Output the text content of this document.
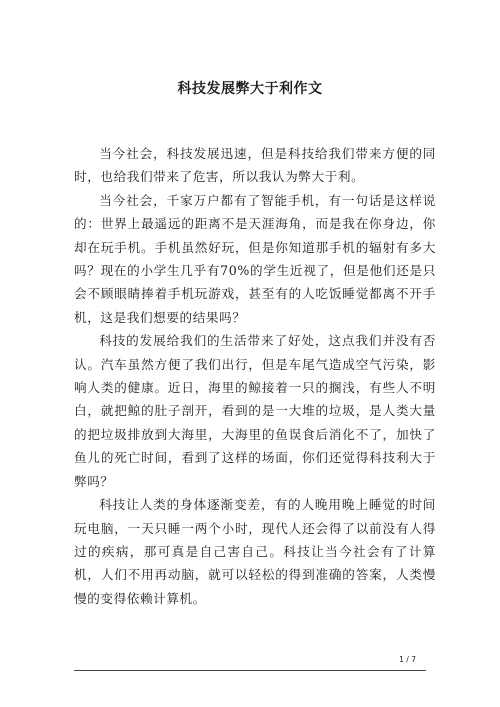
科技发展弊大于利作文

当今社会，科技发展迅速，但是科技给我们带来方便的同时，也给我们带来了危害，所以我认为弊大于利。

当今社会，千家万户都有了智能手机，有一句话是这样说的：世界上最遥远的距离不是天涯海角，而是我在你身边，你却在玩手机。手机虽然好玩，但是你知道那手机的辐射有多大吗？现在的小学生几乎有70%的学生近视了，但是他们还是只会不顾眼睛捧着手机玩游戏，甚至有的人吃饭睡觉都离不开手机，这是我们想要的结果吗？

科技的发展给我们的生活带来了好处，这点我们并没有否认。汽车虽然方便了我们出行，但是车尾气造成空气污染，影响人类的健康。近日，海里的鲸接着一只的搁浅，有些人不明白，就把鲸的肚子剖开，看到的是一大堆的垃圾，是人类大量的把垃圾排放到大海里，大海里的鱼误食后消化不了，加快了鱼儿的死亡时间，看到了这样的场面，你们还觉得科技利大于弊吗？

科技让人类的身体逐渐变差，有的人晚用晚上睡觉的时间玩电脑，一天只睡一两个小时，现代人还会得了以前没有人得过的疾病，那可真是自己害自己。科技让当今社会有了计算机，人们不用再动脑，就可以轻松的得到准确的答案，人类慢慢的变得依赖计算机。

1 / 7
